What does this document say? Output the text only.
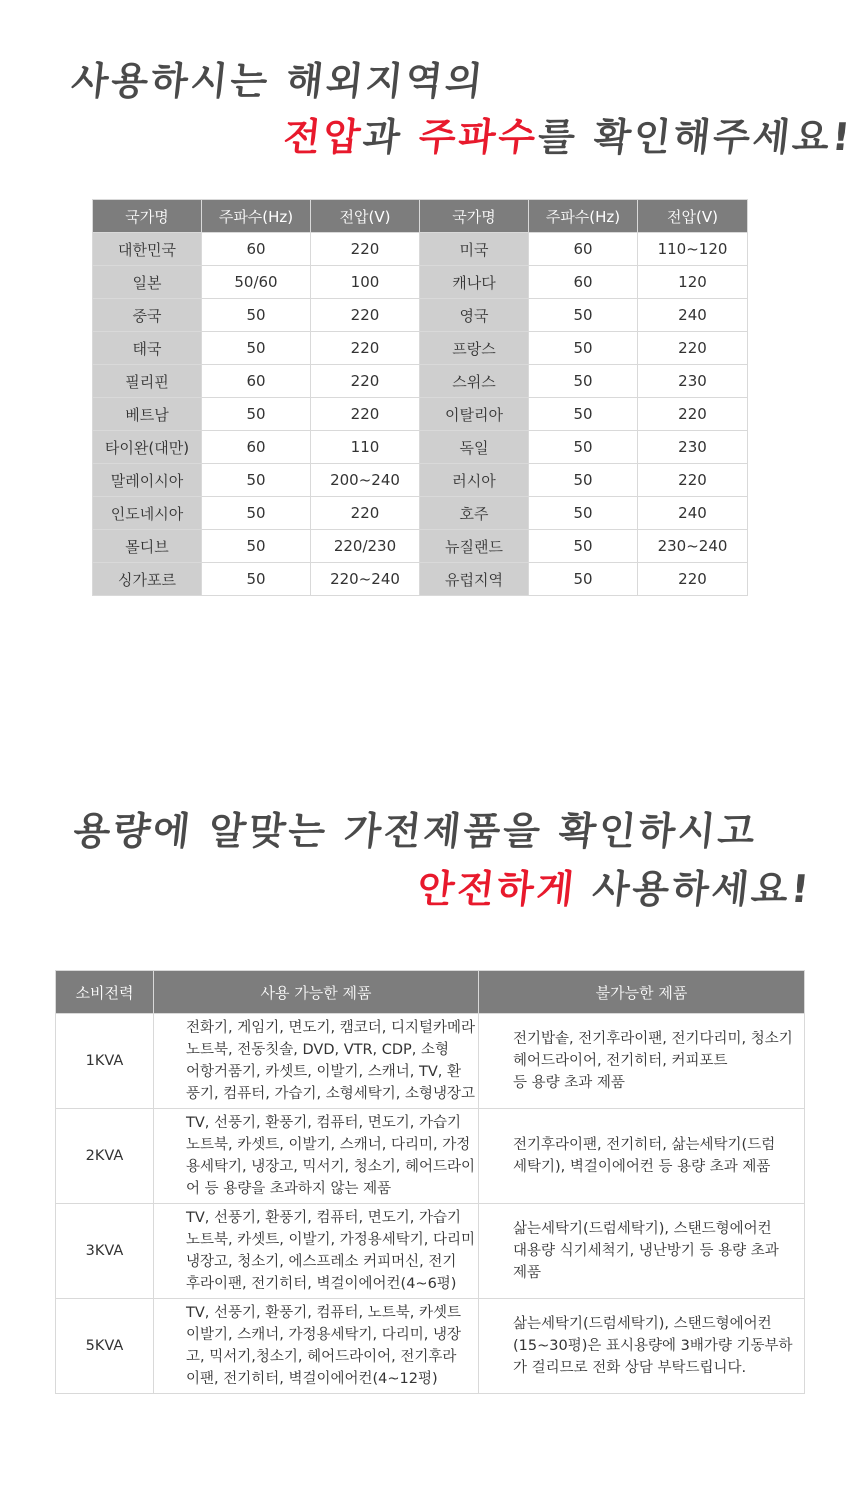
사용하시는 해외지역의
전압과 주파수를 확인해주세요!
국가명	주파수(Hz)	전압(V)	국가명	주파수(Hz)	전압(V)
대한민국	60	220	미국	60	110~120
일본	50/60	100	캐나다	60	120
중국	50	220	영국	50	240
태국	50	220	프랑스	50	220
필리핀	60	220	스위스	50	230
베트남	50	220	이탈리아	50	220
타이완(대만)	60	110	독일	50	230
말레이시아	50	200~240	러시아	50	220
인도네시아	50	220	호주	50	240
몰디브	50	220/230	뉴질랜드	50	230~240
싱가포르	50	220~240	유럽지역	50	220
용량에 알맞는 가전제품을 확인하시고
안전하게 사용하세요!
소비전력	사용 가능한 제품	불가능한 제품
1KVA	전화기, 게임기, 면도기, 캠코더, 디지털카메라
노트북, 전동칫솔, DVD, VTR, CDP, 소형
어항거품기, 카셋트, 이발기, 스캐너, TV, 환
풍기, 컴퓨터, 가습기, 소형세탁기, 소형냉장고	전기밥솥, 전기후라이팬, 전기다리미, 청소기
헤어드라이어, 전기히터, 커피포트
등 용량 초과 제품

2KVA	TV, 선풍기, 환풍기, 컴퓨터, 면도기, 가습기
노트북, 카셋트, 이발기, 스캐너, 다리미, 가정
용세탁기, 냉장고, 믹서기, 청소기, 헤어드라이
어 등 용량을 초과하지 않는 제품	전기후라이팬, 전기히터, 삶는세탁기(드럼
세탁기), 벽걸이에어컨 등 용량 초과 제품

3KVA	TV, 선풍기, 환풍기, 컴퓨터, 면도기, 가습기
노트북, 카셋트, 이발기, 가정용세탁기, 다리미
냉장고, 청소기, 에스프레소 커피머신, 전기
후라이팬, 전기히터, 벽걸이에어컨(4~6평)	삶는세탁기(드럼세탁기), 스탠드형에어컨
대용량 식기세척기, 냉난방기 등 용량 초과
제품

5KVA	TV, 선풍기, 환풍기, 컴퓨터, 노트북, 카셋트
이발기, 스캐너, 가정용세탁기, 다리미, 냉장
고, 믹서기,청소기, 헤어드라이어, 전기후라
이팬, 전기히터, 벽걸이에어컨(4~12평)	삶는세탁기(드럼세탁기), 스탠드형에어컨
(15~30평)은 표시용량에 3배가량 기동부하
가 걸리므로 전화 상담 부탁드립니다.
